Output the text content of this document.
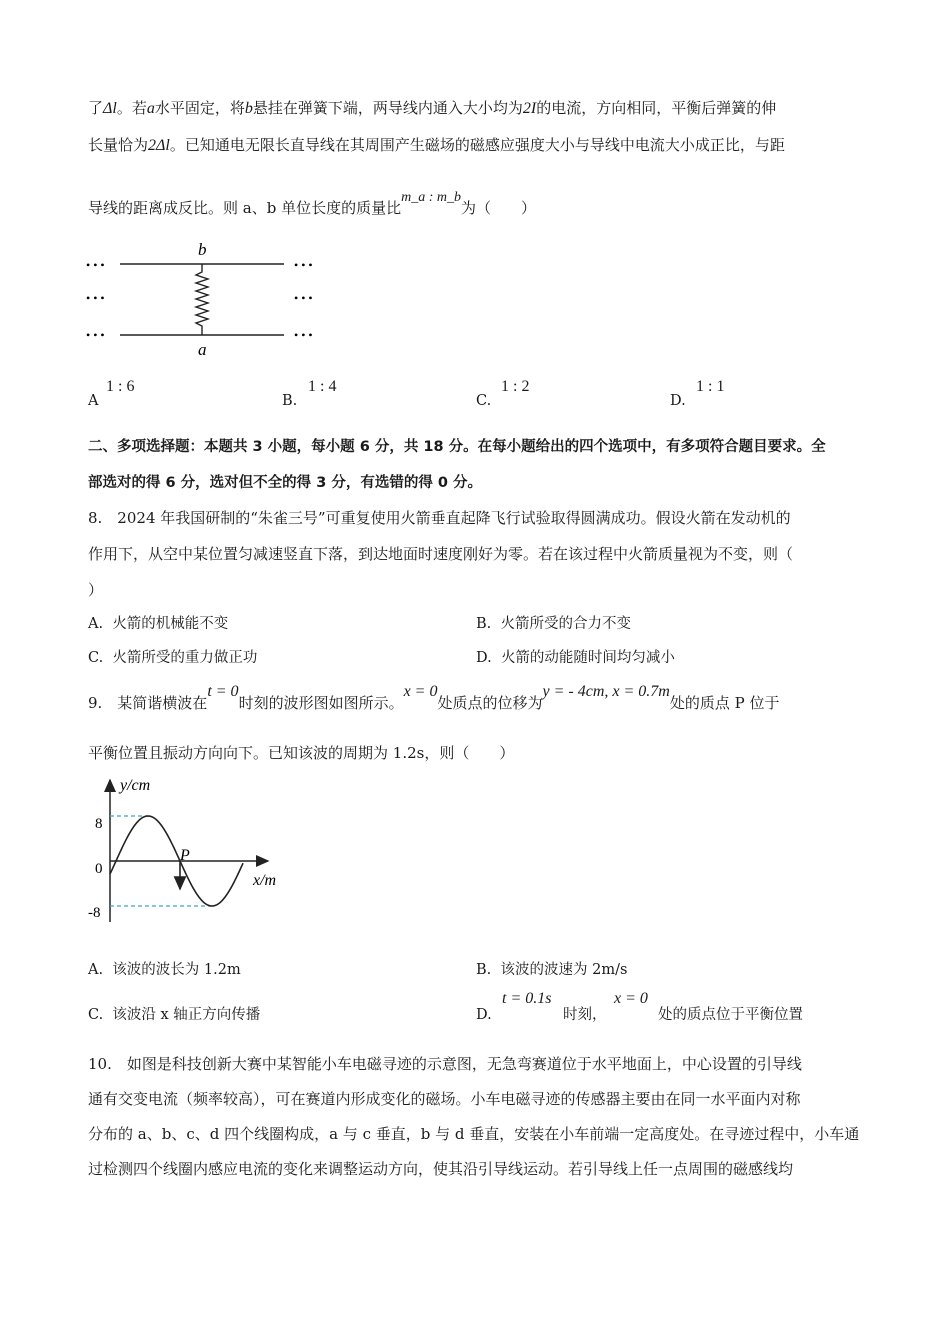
了Δl。若a水平固定，将b悬挂在弹簧下端，两导线内通入大小均为2I的电流，方向相同，平衡后弹簧的伸
长量恰为2Δl。已知通电无限长直导线在其周围产生磁场的磁感应强度大小与导线中电流大小成正比，与距
导线的距离成反比。则 a、b 单位长度的质量比m_a : m_b为（　　）
• • •
• • •
• • •
• • •
• • •
• • •
b
a
A
1 : 6
B.
1 : 4
C.
1 : 2
D.
1 : 1
二、多项选择题：本题共 3 小题，每小题 6 分，共 18 分。在每小题给出的四个选项中，有多项符合题目要求。全
部选对的得 6 分，选对但不全的得 3 分，有选错的得 0 分。
8.　2024 年我国研制的“朱雀三号”可重复使用火箭垂直起降飞行试验取得圆满成功。假设火箭在发动机的
作用下，从空中某位置匀减速竖直下落，到达地面时速度刚好为零。若在该过程中火箭质量视为不变，则（
）
A. 火箭的机械能不变	B. 火箭所受的合力不变
C. 火箭所受的重力做正功	D. 火箭的动能随时间均匀减小
9.　某简谐横波在t = 0时刻的波形图如图所示。x = 0处质点的位移为y = - 4cm, x = 0.7m处的质点 P 位于
平衡位置且振动方向向下。已知该波的周期为 1.2s，则（　　）
y/cm
x/m
8
0
-8
P
A. 该波的波长为 1.2m	B. 该波的波速为 2m/s
C. 该波沿 x 轴正方向传播	D.
t = 0.1s
时刻，
x = 0
处的质点位于平衡位置
10.　如图是科技创新大赛中某智能小车电磁寻迹的示意图，无急弯赛道位于水平地面上，中心设置的引导线
通有交变电流（频率较高），可在赛道内形成变化的磁场。小车电磁寻迹的传感器主要由在同一水平面内对称
分布的 a、b、c、d 四个线圈构成，a 与 c 垂直，b 与 d 垂直，安装在小车前端一定高度处。在寻迹过程中，小车通
过检测四个线圈内感应电流的变化来调整运动方向，使其沿引导线运动。若引导线上任一点周围的磁感线均
